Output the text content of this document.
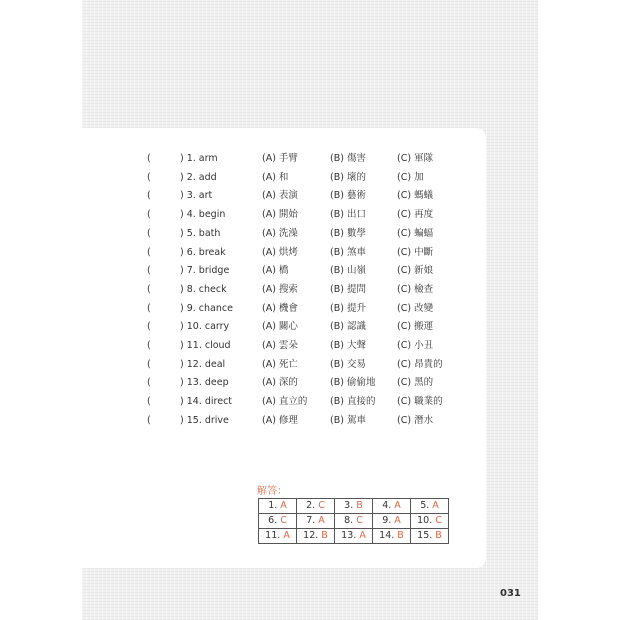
(	) 1. arm	(A) 手臂	(B) 傷害	(C) 軍隊
(	) 2. add	(A) 和	(B) 壞的	(C) 加
(	) 3. art	(A) 表演	(B) 藝術	(C) 螞蟻
(	) 4. begin	(A) 開始	(B) 出口	(C) 再度
(	) 5. bath	(A) 洗澡	(B) 數學	(C) 蝙蝠
(	) 6. break	(A) 烘烤	(B) 煞車	(C) 中斷
(	) 7. bridge	(A) 橋	(B) 山嶺	(C) 新娘
(	) 8. check	(A) 搜索	(B) 提問	(C) 檢查
(	) 9. chance	(A) 機會	(B) 提升	(C) 改變
(	) 10. carry	(A) 關心	(B) 認識	(C) 搬運
(	) 11. cloud	(A) 雲朵	(B) 大聲	(C) 小丑
(	) 12. deal	(A) 死亡	(B) 交易	(C) 昂貴的
(	) 13. deep	(A) 深的	(B) 偷偷地 (C) 黑的
(	) 14. direct	(A) 直立的 (B) 直接的 (C) 職業的
(	) 15. drive	(A) 修理	(B) 駕車	(C) 潛水
解答：
1. A	2. C	3. B	4. A	5. A
6. C	7. A	8. C	9. A	10. C
11. A	12. B	13. A	14. B	15. B
031
